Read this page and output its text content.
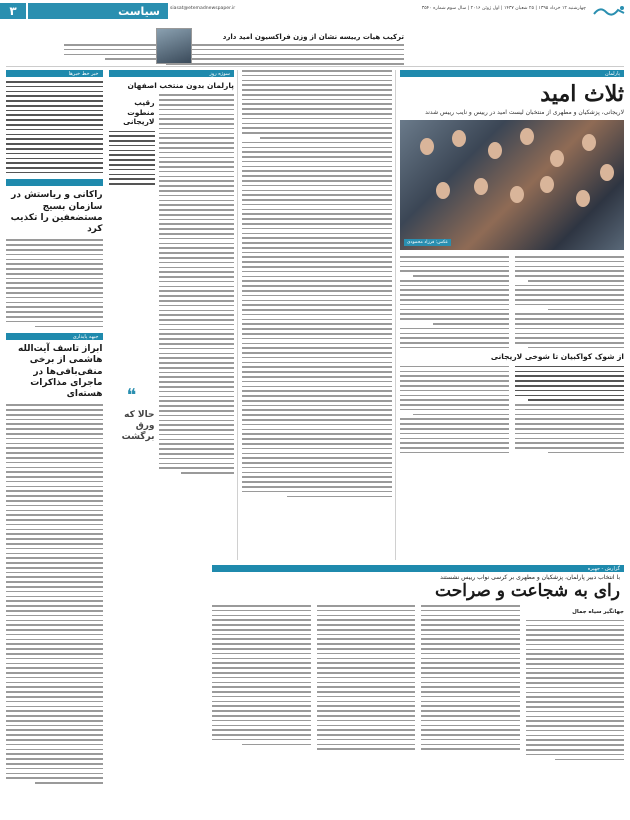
چهارشنبه ۱۲ خرداد ۱۳۹۵ | ۲۵ شعبان ۱۴۳۷ | اول ژوئن ۲۰۱۶ | سال سوم شماره ۳۵۴۰
siasat@etemadnewspaper.ir
سیاست
۳
ترکیب هیات رییسه نشان از وزن فراکسیون امید دارد
پارلمان
ثلاث امید
لاریجانی، پزشکیان و مطهری از منتخبان لیست امید در رییس و نایب رییس شدند
عکس: فرزاد محمودی
از شوک کواکبیان تا شوخی لاریجانی
سوژه روز
پارلمان بدون منتخب اصفهان
رقیب منطوت لاریجانی
❝
حالا که ورق برگشت
خبر خط خبرها
راکانی و ریاستش در سازمان بسیج مستضعفین را تکذیب کرد
جبهه پایداری
ابراز تاسف آیت‌الله هاشمی از برخی منفی‌بافی‌ها در ماجرای مذاکرات هسته‌ای
گزارش - جهیره
با انتخاب دبیر پارلمان، پزشکیان و مطهری بر کرسی نواب رییس نشستند
رای به شجاعت و صراحت
جهانگیر سیاه جمال
